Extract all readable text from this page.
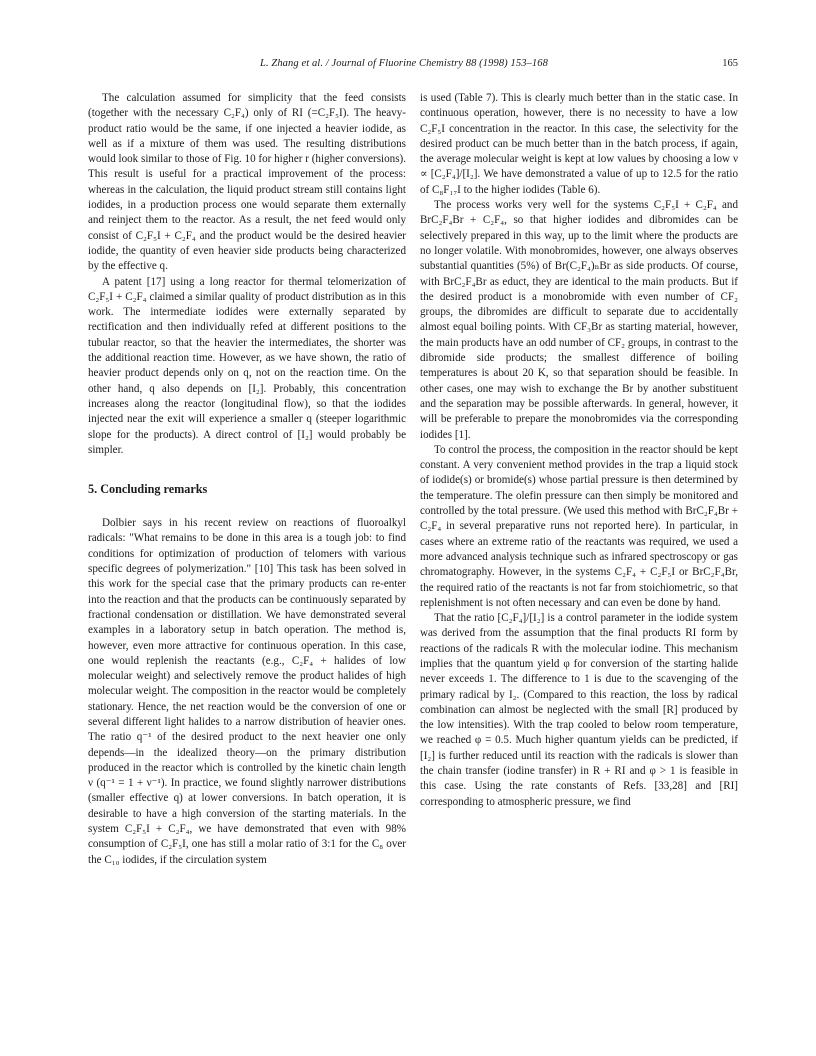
L. Zhang et al. / Journal of Fluorine Chemistry 88 (1998) 153–168	165

The calculation assumed for simplicity that the feed consists (together with the necessary C₂F₄) only of RI (=C₂F₅I). The heavy-product ratio would be the same, if one injected a heavier iodide, as well as if a mixture of them was used. The resulting distributions would look similar to those of Fig. 10 for higher r (higher conversions). This result is useful for a practical improvement of the process: whereas in the calculation, the liquid product stream still contains light iodides, in a production process one would separate them externally and reinject them to the reactor. As a result, the net feed would only consist of C₂F₅I + C₂F₄ and the product would be the desired heavier iodide, the quantity of even heavier side products being characterized by the effective q.

A patent [17] using a long reactor for thermal telomerization of C₂F₅I + C₂F₄ claimed a similar quality of product distribution as in this work. The intermediate iodides were externally separated by rectification and then individually refed at different positions to the tubular reactor, so that the heavier the intermediates, the shorter was the additional reaction time. However, as we have shown, the ratio of heavier product depends only on q, not on the reaction time. On the other hand, q also depends on [I₂]. Probably, this concentration increases along the reactor (longitudinal flow), so that the iodides injected near the exit will experience a smaller q (steeper logarithmic slope for the products). A direct control of [I₂] would probably be simpler.

5. Concluding remarks

Dolbier says in his recent review on reactions of fluoroalkyl radicals: "What remains to be done in this area is a tough job: to find conditions for optimization of production of telomers with various specific degrees of polymerization." [10] This task has been solved in this work for the special case that the primary products can re-enter into the reaction and that the products can be continuously separated by fractional condensation or distillation. We have demonstrated several examples in a laboratory setup in batch operation. The method is, however, even more attractive for continuous operation. In this case, one would replenish the reactants (e.g., C₂F₄ + halides of low molecular weight) and selectively remove the product halides of high molecular weight. The composition in the reactor would be completely stationary. Hence, the net reaction would be the conversion of one or several different light halides to a narrow distribution of heavier ones. The ratio q⁻¹ of the desired product to the next heavier one only depends—in the idealized theory—on the primary distribution produced in the reactor which is controlled by the kinetic chain length ν (q⁻¹ = 1 + ν⁻¹). In practice, we found slightly narrower distributions (smaller effective q) at lower conversions. In batch operation, it is desirable to have a high conversion of the starting materials. In the system C₂F₅I + C₂F₄, we have demonstrated that even with 98% consumption of C₂F₅I, one has still a molar ratio of 3:1 for the C₈ over the C₁₀ iodides, if the circulation system

is used (Table 7). This is clearly much better than in the static case. In continuous operation, however, there is no necessity to have a low C₂F₅I concentration in the reactor. In this case, the selectivity for the desired product can be much better than in the batch process, if again, the average molecular weight is kept at low values by choosing a low ν ∝ [C₂F₄]/[I₂]. We have demonstrated a value of up to 12.5 for the ratio of C₈F₁₇I to the higher iodides (Table 6).

The process works very well for the systems C₂F₅I + C₂F₄ and BrC₂F₄Br + C₂F₄, so that higher iodides and dibromides can be selectively prepared in this way, up to the limit where the products are no longer volatile. With monobromides, however, one always observes substantial quantities (5%) of Br(C₂F₄)ₙBr as side products. Of course, with BrC₂F₄Br as educt, they are identical to the main products. But if the desired product is a monobromide with even number of CF₂ groups, the dibromides are difficult to separate due to accidentally almost equal boiling points. With CF₃Br as starting material, however, the main products have an odd number of CF₂ groups, in contrast to the dibromide side products; the smallest difference of boiling temperatures is about 20 K, so that separation should be feasible. In other cases, one may wish to exchange the Br by another substituent and the separation may be possible afterwards. In general, however, it will be preferable to prepare the monobromides via the corresponding iodides [1].

To control the process, the composition in the reactor should be kept constant. A very convenient method provides in the trap a liquid stock of iodide(s) or bromide(s) whose partial pressure is then determined by the temperature. The olefin pressure can then simply be monitored and controlled by the total pressure. (We used this method with BrC₂F₄Br + C₂F₄ in several preparative runs not reported here). In particular, in cases where an extreme ratio of the reactants was required, we used a more advanced analysis technique such as infrared spectroscopy or gas chromatography. However, in the systems C₂F₄ + C₂F₅I or BrC₂F₄Br, the required ratio of the reactants is not far from stoichiometric, so that replenishment is not often necessary and can even be done by hand.

That the ratio [C₂F₄]/[I₂] is a control parameter in the iodide system was derived from the assumption that the final products RI form by reactions of the radicals R with the molecular iodine. This mechanism implies that the quantum yield φ for conversion of the starting halide never exceeds 1. The difference to 1 is due to the scavenging of the primary radical by I₂. (Compared to this reaction, the loss by radical combination can almost be neglected with the small [R] produced by the low intensities). With the trap cooled to below room temperature, we reached φ = 0.5. Much higher quantum yields can be predicted, if [I₂] is further reduced until its reaction with the radicals is slower than the chain transfer (iodine transfer) in R + RI and φ > 1 is feasible in this case. Using the rate constants of Refs. [33,28] and [RI] corresponding to atmospheric pressure, we find
